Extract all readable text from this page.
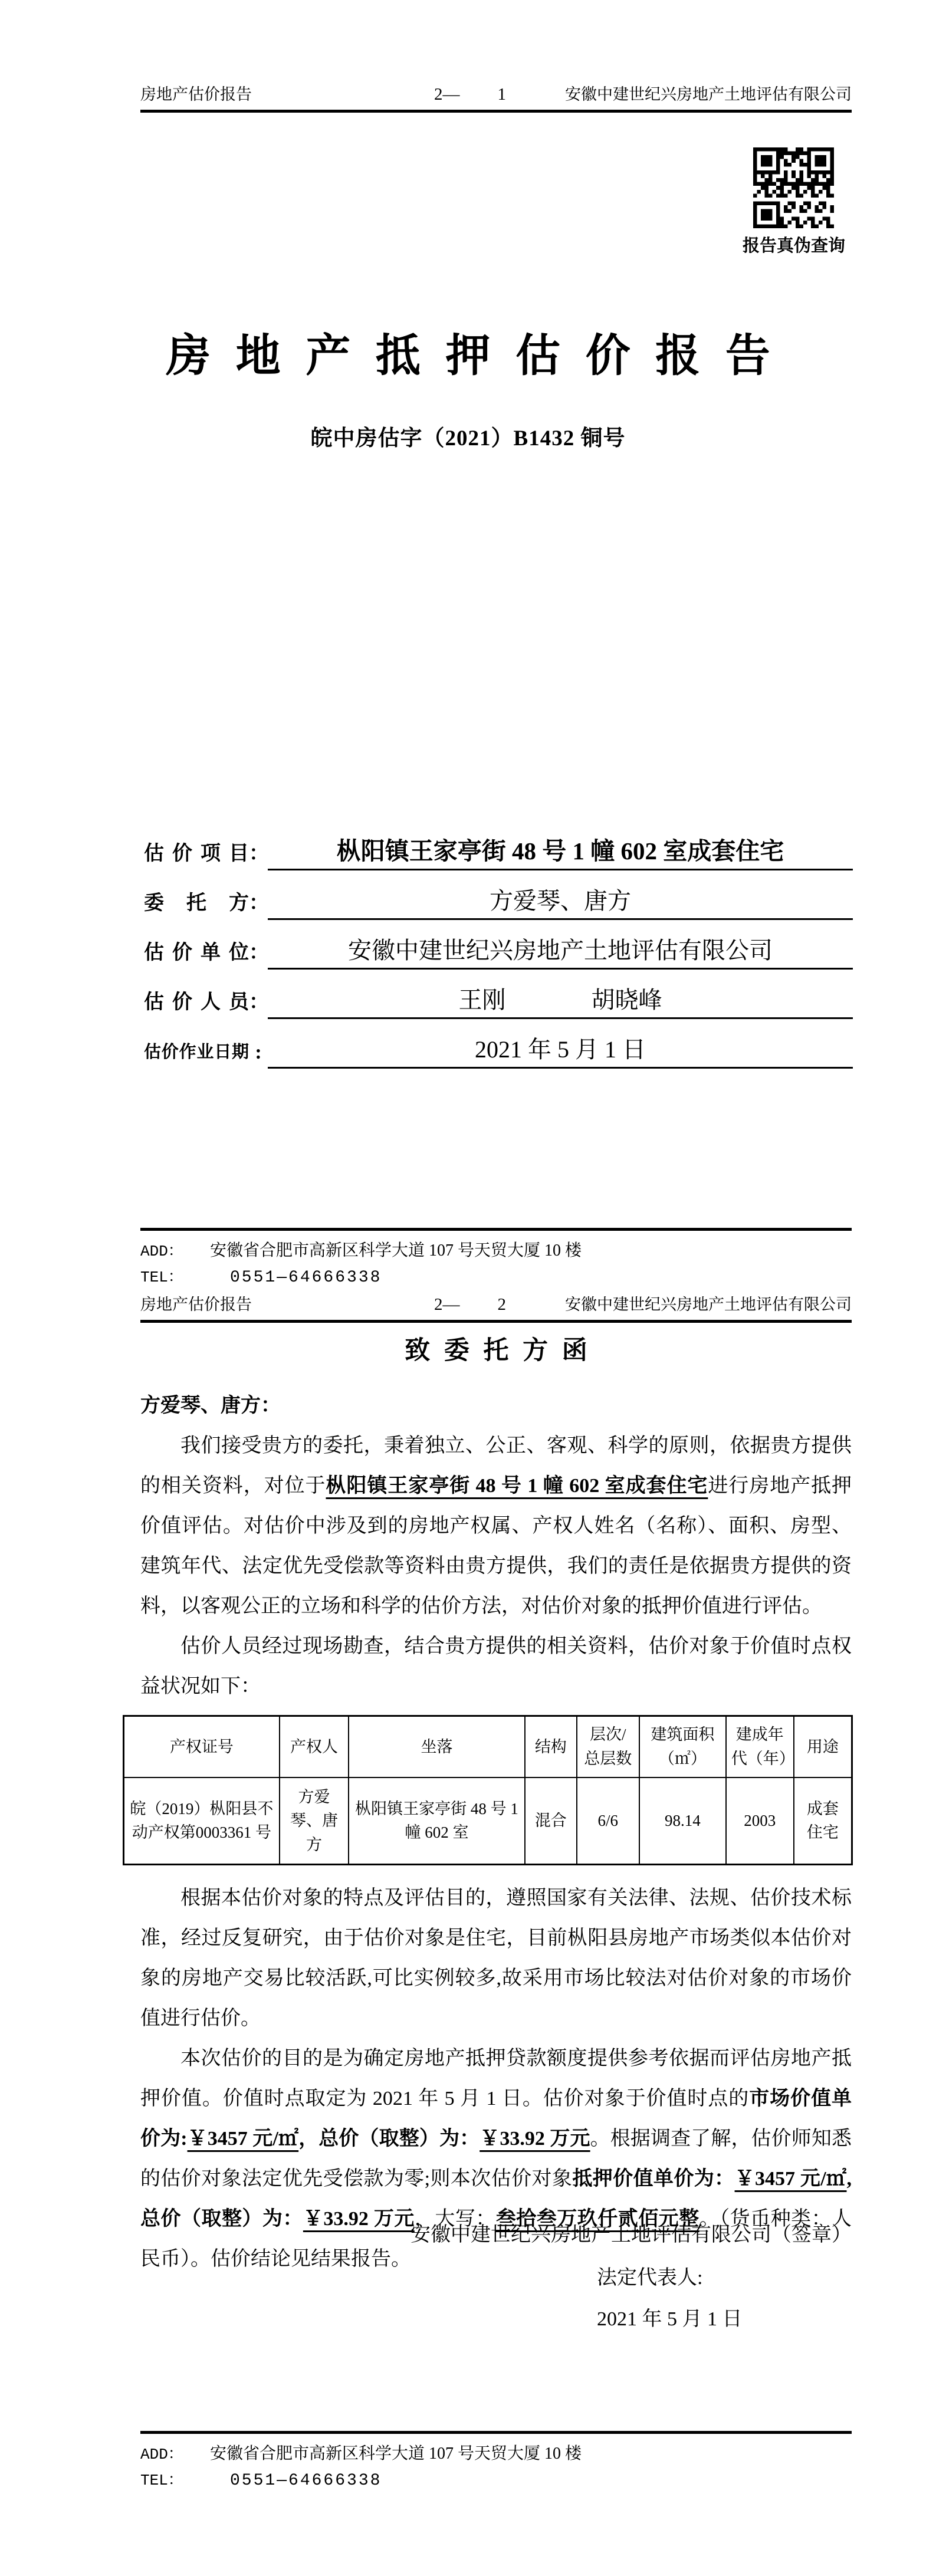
房地产估价报告	2— 1	安徽中建世纪兴房地产土地评估有限公司
报告真伪查询
房地产抵押估价报告
皖中房估字（2021）B1432 铜号
估价项目 ：	枞阳镇王家亭街 48 号 1 幢 602 室成套住宅
委托方 ：	方爱琴、唐方
估价单位 ：	安徽中建世纪兴房地产土地评估有限公司
估价人员 ：	王刚	胡晓峰
估价作业日期 :	2021 年 5 月 1 日
ADD：	安徽省合肥市高新区科学大道 107 号天贸大厦 10 楼
TEL：	0551—64666338
房地产估价报告	2— 2	安徽中建世纪兴房地产土地评估有限公司
致委托方函

方爱琴、唐方：

我们接受贵方的委托，秉着独立、公正、客观、科学的原则，依据贵方提供的相关资料，对位于枞阳镇王家亭街 48 号 1 幢 602 室成套住宅进行房地产抵押价值评估。对估价中涉及到的房地产权属、产权人姓名（名称）、面积、房型、建筑年代、法定优先受偿款等资料由贵方提供，我们的责任是依据贵方提供的资料，以客观公正的立场和科学的估价方法，对估价对象的抵押价值进行评估。

估价人员经过现场勘查，结合贵方提供的相关资料，估价对象于价值时点权益状况如下：

产权证号	产权人	坐落	结构	层次/总层数	建筑面积（㎡）	建成年代（年）	用途
皖（2019）枞阳县不动产权第0003361 号	方爱琴、唐方	枞阳镇王家亭街 48 号 1 幢 602 室	混合	6/6	98.14	2003	成套住宅

根据本估价对象的特点及评估目的，遵照国家有关法律、法规、估价技术标准，经过反复研究，由于估价对象是住宅，目前枞阳县房地产市场类似本估价对象的房地产交易比较活跃,可比实例较多,故采用市场比较法对估价对象的市场价值进行估价。

本次估价的目的是为确定房地产抵押贷款额度提供参考依据而评估房地产抵押价值。价值时点取定为 2021 年 5 月 1 日。估价对象于价值时点的市场价值单价为:￥3457 元/㎡，总价（取整）为：￥33.92 万元。根据调查了解，估价师知悉的估价对象法定优先受偿款为零;则本次估价对象抵押价值单价为：￥3457 元/㎡,总价（取整）为：￥33.92 万元，大写：叁拾叁万玖仟贰佰元整。（货币种类：人民币）。估价结论见结果报告。

安徽中建世纪兴房地产土地评估有限公司（签章）
法定代表人:
2021 年 5 月 1 日
ADD：	安徽省合肥市高新区科学大道 107 号天贸大厦 10 楼
TEL：	0551—64666338
